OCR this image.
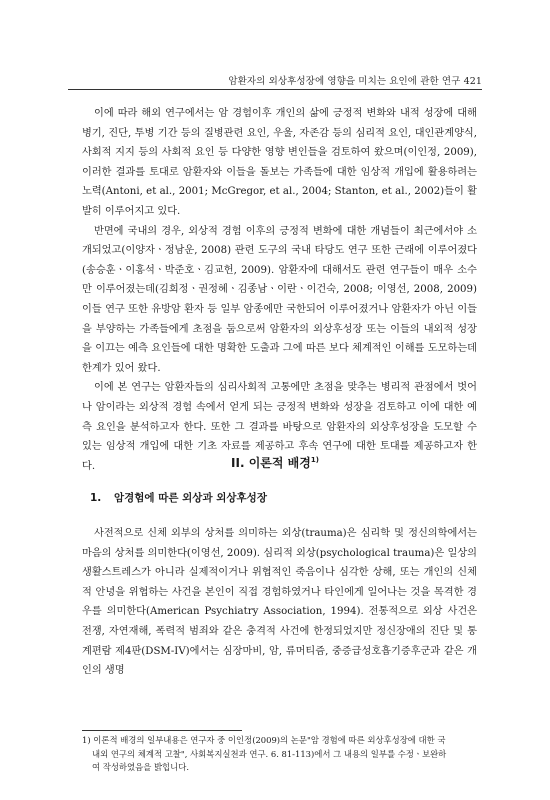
암환자의 외상후성장에 영향을 미치는 요인에 관한 연구 421

이에 따라 해외 연구에서는 암 경험이후 개인의 삶에 긍정적 변화와 내적 성장에 대해 병기, 진단, 투병 기간 등의 질병관련 요인, 우울, 자존감 등의 심리적 요인, 대인관계양식, 사회적 지지 등의 사회적 요인 등 다양한 영향 변인들을 검토하여 왔으며(이인정, 2009), 이러한 결과를 토대로 암환자와 이들을 돌보는 가족들에 대한 임상적 개입에 활용하려는 노력(Antoni, et al., 2001; McGregor, et al., 2004; Stanton, et al., 2002)들이 활발히 이루어지고 있다.

반면에 국내의 경우, 외상적 경험 이후의 긍정적 변화에 대한 개념들이 최근에서야 소개되었고(이양자ㆍ정남운, 2008) 관련 도구의 국내 타당도 연구 또한 근래에 이루어졌다(송승훈ㆍ이홍석ㆍ박준호ㆍ김교헌, 2009). 암환자에 대해서도 관련 연구들이 매우 소수만 이루어졌는데(김희정ㆍ권정혜ㆍ김종남ㆍ이란ㆍ이건숙, 2008; 이영선, 2008, 2009) 이들 연구 또한 유방암 환자 등 일부 암종에만 국한되어 이루어졌거나 암환자가 아닌 이들을 부양하는 가족들에게 초점을 둠으로써 암환자의 외상후성장 또는 이들의 내외적 성장을 이끄는 예측 요인들에 대한 명확한 도출과 그에 따른 보다 체계적인 이해를 도모하는데 한계가 있어 왔다.

이에 본 연구는 암환자들의 심리사회적 고통에만 초점을 맞추는 병리적 관점에서 벗어나 암이라는 외상적 경험 속에서 얻게 되는 긍정적 변화와 성장을 검토하고 이에 대한 예측 요인을 분석하고자 한다. 또한 그 결과를 바탕으로 암환자의 외상후성장을 도모할 수 있는 임상적 개입에 대한 기초 자료를 제공하고 후속 연구에 대한 토대를 제공하고자 한다.	II. 이론적 배경$^{1)}$
1. 암경험에 따른 외상과 외상후성장

사전적으로 신체 외부의 상처를 의미하는 외상(trauma)은 심리학 및 정신의학에서는 마음의 상처를 의미한다(이영선, 2009). 심리적 외상(psychological trauma)은 일상의 생활스트레스가 아니라 실제적이거나 위협적인 죽음이나 심각한 상해, 또는 개인의 신체적 안녕을 위협하는 사건을 본인이 직접 경험하였거나 타인에게 일어나는 것을 목격한 경우를 의미한다(American Psychiatry Association, 1994). 전통적으로 외상 사건은 전쟁, 자연재해, 폭력적 범죄와 같은 충격적 사건에 한정되었지만 정신장애의 진단 및 통계편람 제4판(DSM-IV)에서는 심장마비, 암, 류머티즘, 중증급성호흡기증후군과 같은 개인의 생명

1) 이론적 배경의 일부내용은 연구자 중 이인정(2009)의 논문"암 경험에 따른 외상후성장에 대한 국
내외 연구의 체계적 고찰", 사회복지실천과 연구. 6. 81-113)에서 그 내용의 일부를 수정ㆍ보완하
여 작성하였음을 밝힙니다.
